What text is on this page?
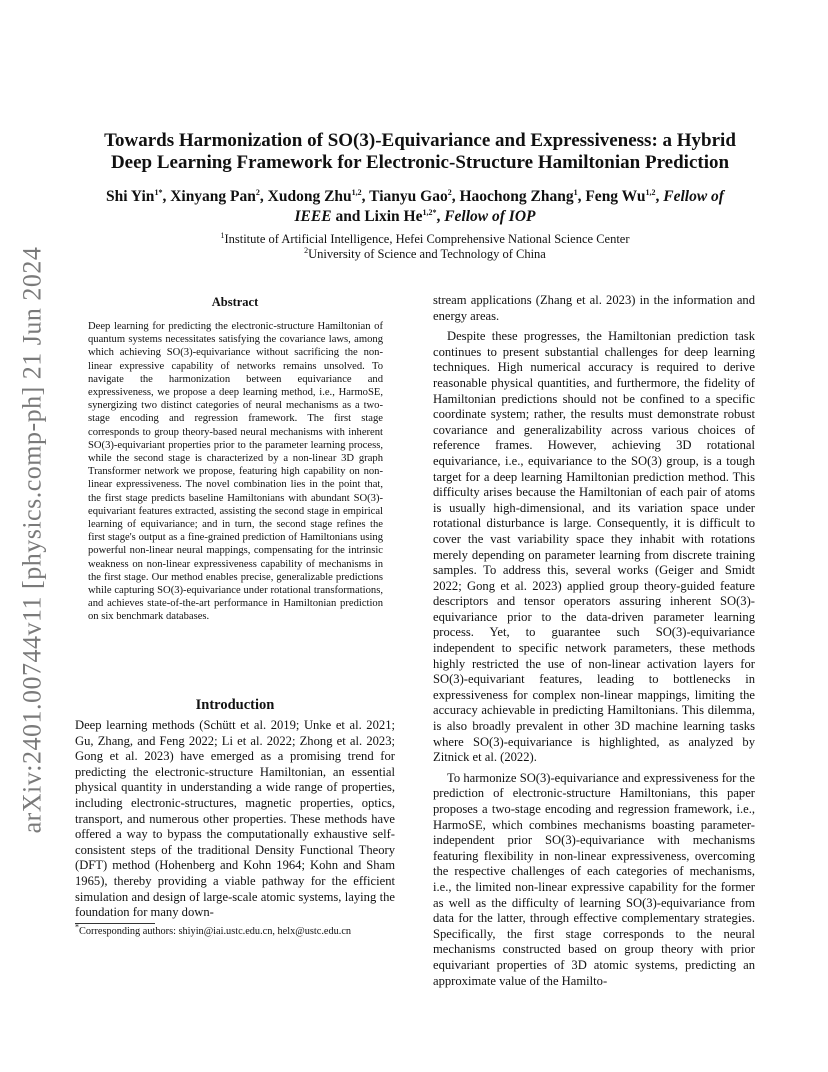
arXiv:2401.00744v11 [physics.comp-ph] 21 Jun 2024
Towards Harmonization of SO(3)-Equivariance and Expressiveness: a Hybrid
Deep Learning Framework for Electronic-Structure Hamiltonian Prediction
Shi Yin$^{1*}$, Xinyang Pan$^2$, Xudong Zhu$^{1,2}$, Tianyu Gao$^2$, Haochong Zhang$^1$, Feng Wu$^{1,2}$, Fellow of
IEEE and Lixin $He^{1,2*}$, Fellow of IOP
$^1$Institute of Artificial Intelligence, Hefei Comprehensive National Science Center
$^2$University of Science and Technology of China
Abstract
Deep learning for predicting the electronic-structure Hamiltonian of quantum systems necessitates satisfying the covariance laws, among which achieving SO(3)-equivariance without sacrificing the non-linear expressive capability of networks remains unsolved. To navigate the harmonization between equivariance and expressiveness, we propose a deep learning method, i.e., HarmoSE, synergizing two distinct categories of neural mechanisms as a two-stage encoding and regression framework. The first stage corresponds to group theory-based neural mechanisms with inherent SO(3)-equivariant properties prior to the parameter learning process, while the second stage is characterized by a non-linear 3D graph Transformer network we propose, featuring high capability on non-linear expressiveness. The novel combination lies in the point that, the first stage predicts baseline Hamiltonians with abundant SO(3)-equivariant features extracted, assisting the second stage in empirical learning of equivariance; and in turn, the second stage refines the first stage's output as a fine-grained prediction of Hamiltonians using powerful non-linear neural mappings, compensating for the intrinsic weakness on non-linear expressiveness capability of mechanisms in the first stage. Our method enables precise, generalizable predictions while capturing SO(3)-equivariance under rotational transformations, and achieves state-of-the-art performance in Hamiltonian prediction on six benchmark databases.
Introduction

Deep learning methods (Schütt et al. 2019; Unke et al. 2021; Gu, Zhang, and Feng 2022; Li et al. 2022; Zhong et al. 2023; Gong et al. 2023) have emerged as a promising trend for predicting the electronic-structure Hamiltonian, an essential physical quantity in understanding a wide range of properties, including electronic-structures, magnetic properties, optics, transport, and numerous other properties. These methods have offered a way to bypass the computationally exhaustive self-consistent steps of the traditional Density Functional Theory (DFT) method (Hohenberg and Kohn 1964; Kohn and Sham 1965), thereby providing a viable pathway for the efficient simulation and design of large-scale atomic systems, laying the foundation for many down-

*Corresponding authors: shiyin@iai.ustc.edu.cn, helx@ustc.edu.cn

stream applications (Zhang et al. 2023) in the information and energy areas.

Despite these progresses, the Hamiltonian prediction task continues to present substantial challenges for deep learning techniques. High numerical accuracy is required to derive reasonable physical quantities, and furthermore, the fidelity of Hamiltonian predictions should not be confined to a specific coordinate system; rather, the results must demonstrate robust covariance and generalizability across various choices of reference frames. However, achieving 3D rotational equivariance, i.e., equivariance to the SO(3) group, is a tough target for a deep learning Hamiltonian prediction method. This difficulty arises because the Hamiltonian of each pair of atoms is usually high-dimensional, and its variation space under rotational disturbance is large. Consequently, it is difficult to cover the vast variability space they inhabit with rotations merely depending on parameter learning from discrete training samples. To address this, several works (Geiger and Smidt 2022; Gong et al. 2023) applied group theory-guided feature descriptors and tensor operators assuring inherent SO(3)-equivariance prior to the data-driven parameter learning process. Yet, to guarantee such SO(3)-equivariance independent to specific network parameters, these methods highly restricted the use of non-linear activation layers for SO(3)-equivariant features, leading to bottlenecks in expressiveness for complex non-linear mappings, limiting the accuracy achievable in predicting Hamiltonians. This dilemma, is also broadly prevalent in other 3D machine learning tasks where SO(3)-equivariance is highlighted, as analyzed by Zitnick et al. (2022).

To harmonize SO(3)-equivariance and expressiveness for the prediction of electronic-structure Hamiltonians, this paper proposes a two-stage encoding and regression framework, i.e., HarmoSE, which combines mechanisms boasting parameter-independent prior SO(3)-equivariance with mechanisms featuring flexibility in non-linear expressiveness, overcoming the respective challenges of each categories of mechanisms, i.e., the limited non-linear expressive capability for the former as well as the difficulty of learning SO(3)-equivariance from data for the latter, through effective complementary strategies. Specifically, the first stage corresponds to the neural mechanisms constructed based on group theory with prior equivariant properties of 3D atomic systems, predicting an approximate value of the Hamilto-
